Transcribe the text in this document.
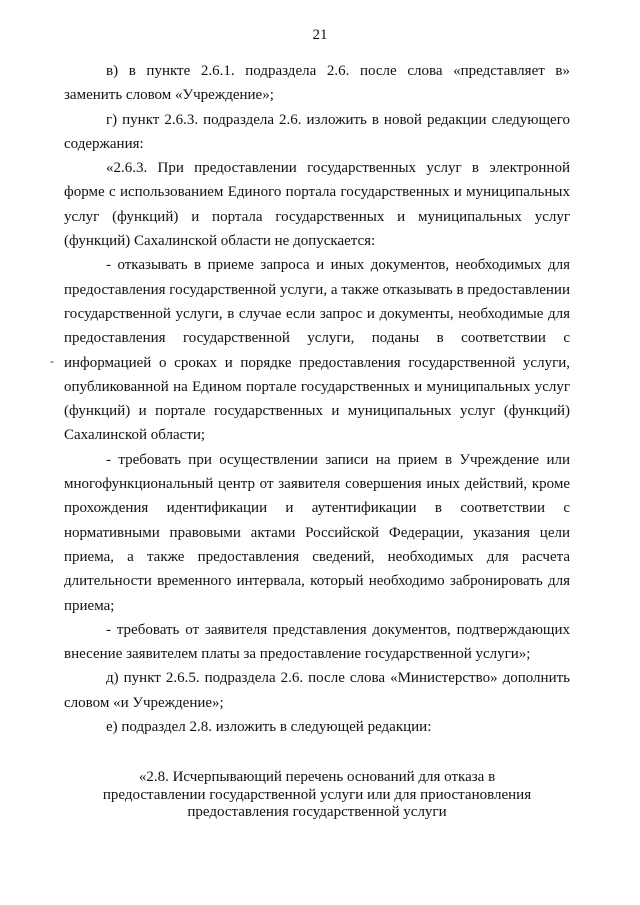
21
-

в) в пункте 2.6.1. подраздела 2.6. после слова «представляет в» заменить словом «Учреждение»;

г) пункт 2.6.3. подраздела 2.6. изложить в новой редакции следующего содержания:

«2.6.3. При предоставлении государственных услуг в электронной форме с использованием Единого портала государственных и муниципальных услуг (функций) и портала государственных и муниципальных услуг (функций) Сахалинской области не допускается:

- отказывать в приеме запроса и иных документов, необходимых для предоставления государственной услуги, а также отказывать в предоставлении государственной услуги, в случае если запрос и документы, необходимые для предоставления государственной услуги, поданы в соответствии с информацией о сроках и порядке предоставления государственной услуги, опубликованной на Едином портале государственных и муниципальных услуг (функций) и портале государственных и муниципальных услуг (функций) Сахалинской области;

- требовать при осуществлении записи на прием в Учреждение или многофункциональный центр от заявителя совершения иных действий, кроме прохождения идентификации и аутентификации в соответствии с нормативными правовыми актами Российской Федерации, указания цели приема, а также предоставления сведений, необходимых для расчета длительности временного интервала, который необходимо забронировать для приема;

- требовать от заявителя представления документов, подтверждающих внесение заявителем платы за предоставление государственной услуги»;

д) пункт 2.6.5. подраздела 2.6. после слова «Министерство» дополнить словом «и Учреждение»;

е) подраздел 2.8. изложить в следующей редакции:

«2.8. Исчерпывающий перечень оснований для отказа в
предоставлении государственной услуги или для приостановления
предоставления государственной услуги
